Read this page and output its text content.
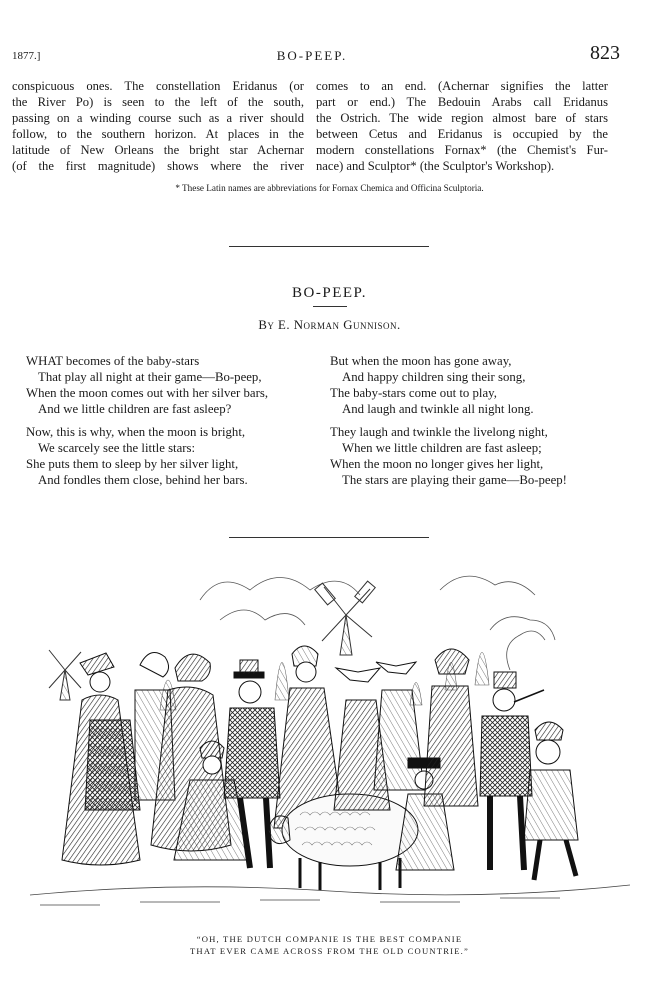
1877.]	BO-PEEP.	823
conspicuous ones. The constellation Eridanus (or
the River Po) is seen to the left of the south,
passing on a winding course such as a river should
follow, to the southern horizon. At places in the
latitude of New Orleans the bright star Achernar
(of the first magnitude) shows where the river
comes to an end. (Achernar signifies the latter
part or end.) The Bedouin Arabs call Eridanus
the Ostrich. The wide region almost bare of stars
between Cetus and Eridanus is occupied by the
modern constellations Fornax* (the Chemist's Fur-
nace) and Sculptor* (the Sculptor's Workshop).
* These Latin names are abbreviations for Fornax Chemica and Officina Sculptoria.
BO-PEEP.
By E. Norman Gunnison.
WHAT becomes of the baby-stars
That play all night at their game—Bo-peep,
When the moon comes out with her silver bars,
And we little children are fast asleep?
Now, this is why, when the moon is bright,
We scarcely see the little stars:
She puts them to sleep by her silver light,
And fondles them close, behind her bars.
But when the moon has gone away,
And happy children sing their song,
The baby-stars come out to play,
And laugh and twinkle all night long.
They laugh and twinkle the livelong night,
When we little children are fast asleep;
When the moon no longer gives her light,
The stars are playing their game—Bo-peep!
“OH, THE DUTCH COMPANIE IS THE BEST COMPANIE
THAT EVER CAME ACROSS FROM THE OLD COUNTRIE.”
